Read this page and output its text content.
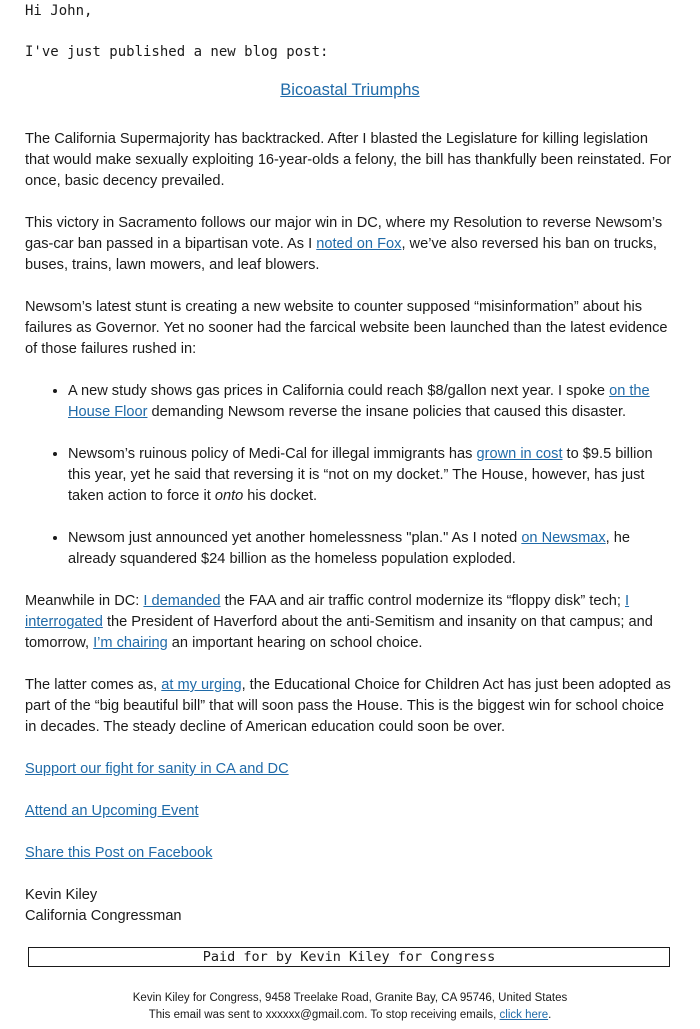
Hi John,
I've just published a new blog post:

Bicoastal Triumphs

The California Supermajority has backtracked. After I blasted the Legislature for killing legislation that would make sexually exploiting 16-year-olds a felony, the bill has thankfully been reinstated. For once, basic decency prevailed.

This victory in Sacramento follows our major win in DC, where my Resolution to reverse Newsom’s gas-car ban passed in a bipartisan vote. As I noted on Fox, we’ve also reversed his ban on trucks, buses, trains, lawn mowers, and leaf blowers.

Newsom’s latest stunt is creating a new website to counter supposed “misinformation” about his failures as Governor. Yet no sooner had the farcical website been launched than the latest evidence of those failures rushed in:

• A new study shows gas prices in California could reach $8/gallon next year. I spoke on the House Floor demanding Newsom reverse the insane policies that caused this disaster.
• Newsom’s ruinous policy of Medi-Cal for illegal immigrants has grown in cost to $9.5 billion this year, yet he said that reversing it is “not on my docket.” The House, however, has just taken action to force it onto his docket.
• Newsom just announced yet another homelessness "plan." As I noted on Newsmax, he already squandered $24 billion as the homeless population exploded.

Meanwhile in DC: I demanded the FAA and air traffic control modernize its “floppy disk” tech; I interrogated the President of Haverford about the anti-Semitism and insanity on that campus; and tomorrow, I’m chairing an important hearing on school choice.

The latter comes as, at my urging, the Educational Choice for Children Act has just been adopted as part of the “big beautiful bill” that will soon pass the House. This is the biggest win for school choice in decades. The steady decline of American education could soon be over.

Support our fight for sanity in CA and DC

Attend an Upcoming Event

Share this Post on Facebook

Kevin Kiley
California Congressman

Paid for by Kevin Kiley for Congress
Kevin Kiley for Congress, 9458 Treelake Road, Granite Bay, CA 95746, United States
This email was sent to xxxxxx@gmail.com. To stop receiving emails, click here.
